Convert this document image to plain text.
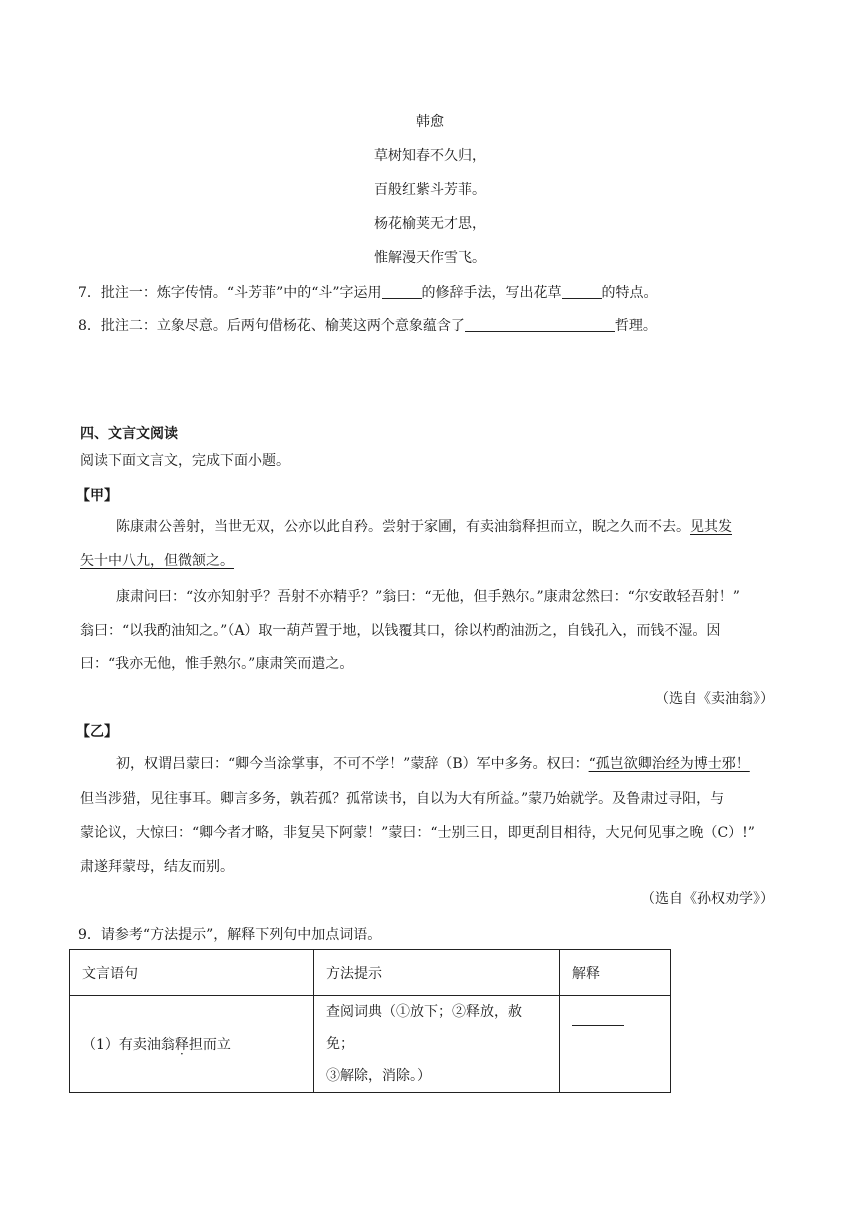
韩愈
草树知春不久归，
百般红紫斗芳菲。
杨花榆荚无才思，
惟解漫天作雪飞。
7．批注一：炼字传情。“斗芳菲”中的“斗”字运用	的修辞手法，写出花草	的特点。
8．批注二：立象尽意。后两句借杨花、榆荚这两个意象蕴含了	哲理。
四、文言文阅读
阅读下面文言文，完成下面小题。
【甲】
陈康肃公善射，当世无双，公亦以此自矜。尝射于家圃，有卖油翁释担而立，睨之久而不去。见其发
矢十中八九，但微颔之。
康肃问曰：“汝亦知射乎？吾射不亦精乎？”翁曰：“无他，但手熟尔。”康肃忿然曰：“尔安敢轻吾射！”
翁曰：“以我酌油知之。”（A）取一葫芦置于地，以钱覆其口，徐以杓酌油沥之，自钱孔入，而钱不湿。因
曰：“我亦无他，惟手熟尔。”康肃笑而遣之。
（选自《卖油翁》）
【乙】
初，权谓吕蒙曰：“卿今当涂掌事，不可不学！”蒙辞（B）军中多务。权曰：“孤岂欲卿治经为博士邪！
但当涉猎，见往事耳。卿言多务，孰若孤？孤常读书，自以为大有所益。”蒙乃始就学。及鲁肃过寻阳，与
蒙论议，大惊曰：“卿今者才略，非复吴下阿蒙！”蒙曰：“士别三日，即更刮目相待，大兄何见事之晚（C）!”
肃遂拜蒙母，结友而别。
（选自《孙权劝学》）
9．请参考“方法提示”，解释下列句中加点词语。
文言语句	方法提示	解释
（1）有卖油翁释担而立	查阅词典（①放下；②释放，赦免；
③解除，消除。）	
